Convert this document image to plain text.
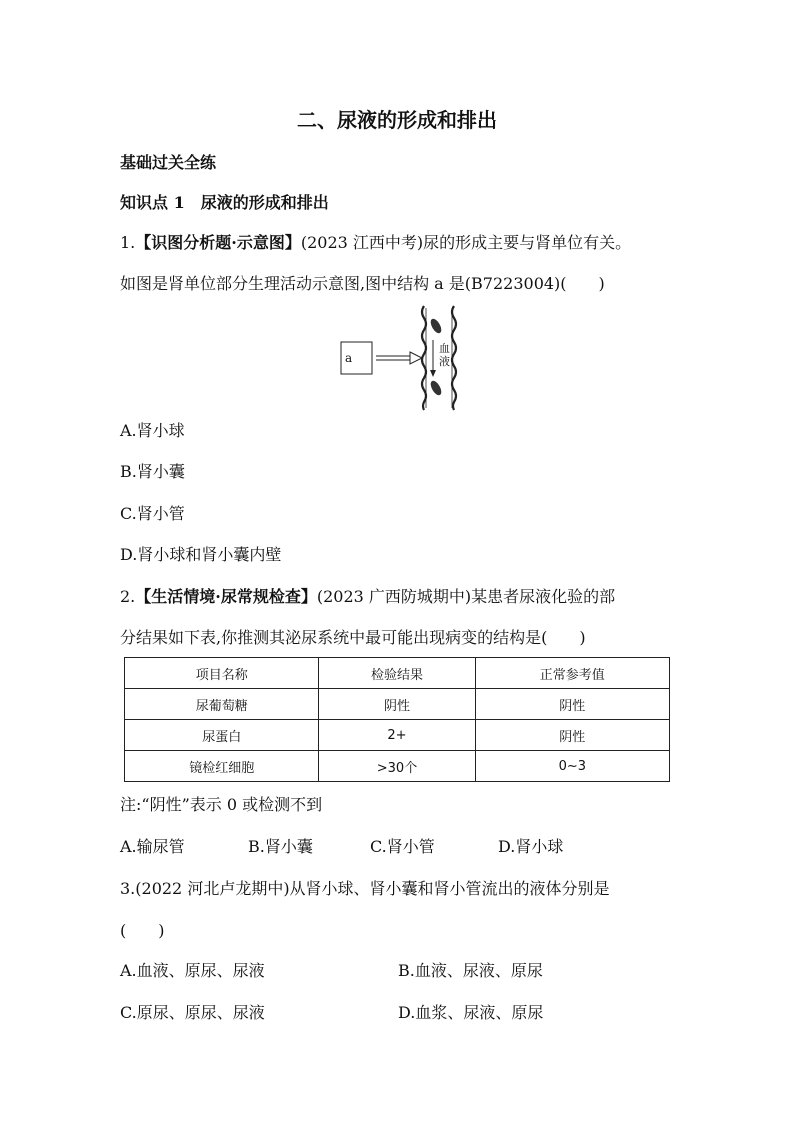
二、尿液的形成和排出
基础过关全练
知识点 1　尿液的形成和排出
1.【识图分析题·示意图】(2023 江西中考)尿的形成主要与肾单位有关。
如图是肾单位部分生理活动示意图,图中结构 a 是(B7223004)(　　)
a
血液
A.肾小球
B.肾小囊
C.肾小管
D.肾小球和肾小囊内壁
2.【生活情境·尿常规检查】(2023 广西防城期中)某患者尿液化验的部
分结果如下表,你推测其泌尿系统中最可能出现病变的结构是(　　)
项目名称	检验结果	正常参考值
尿葡萄糖	阴性	阴性
尿蛋白	2+	阴性
镜检红细胞	>30个	0~3
注:“阴性”表示 0 或检测不到
A.输尿管	B.肾小囊	C.肾小管	D.肾小球
3.(2022 河北卢龙期中)从肾小球、肾小囊和肾小管流出的液体分别是
(　　)
A.血液、原尿、尿液	B.血液、尿液、原尿
C.原尿、原尿、尿液	D.血浆、尿液、原尿
